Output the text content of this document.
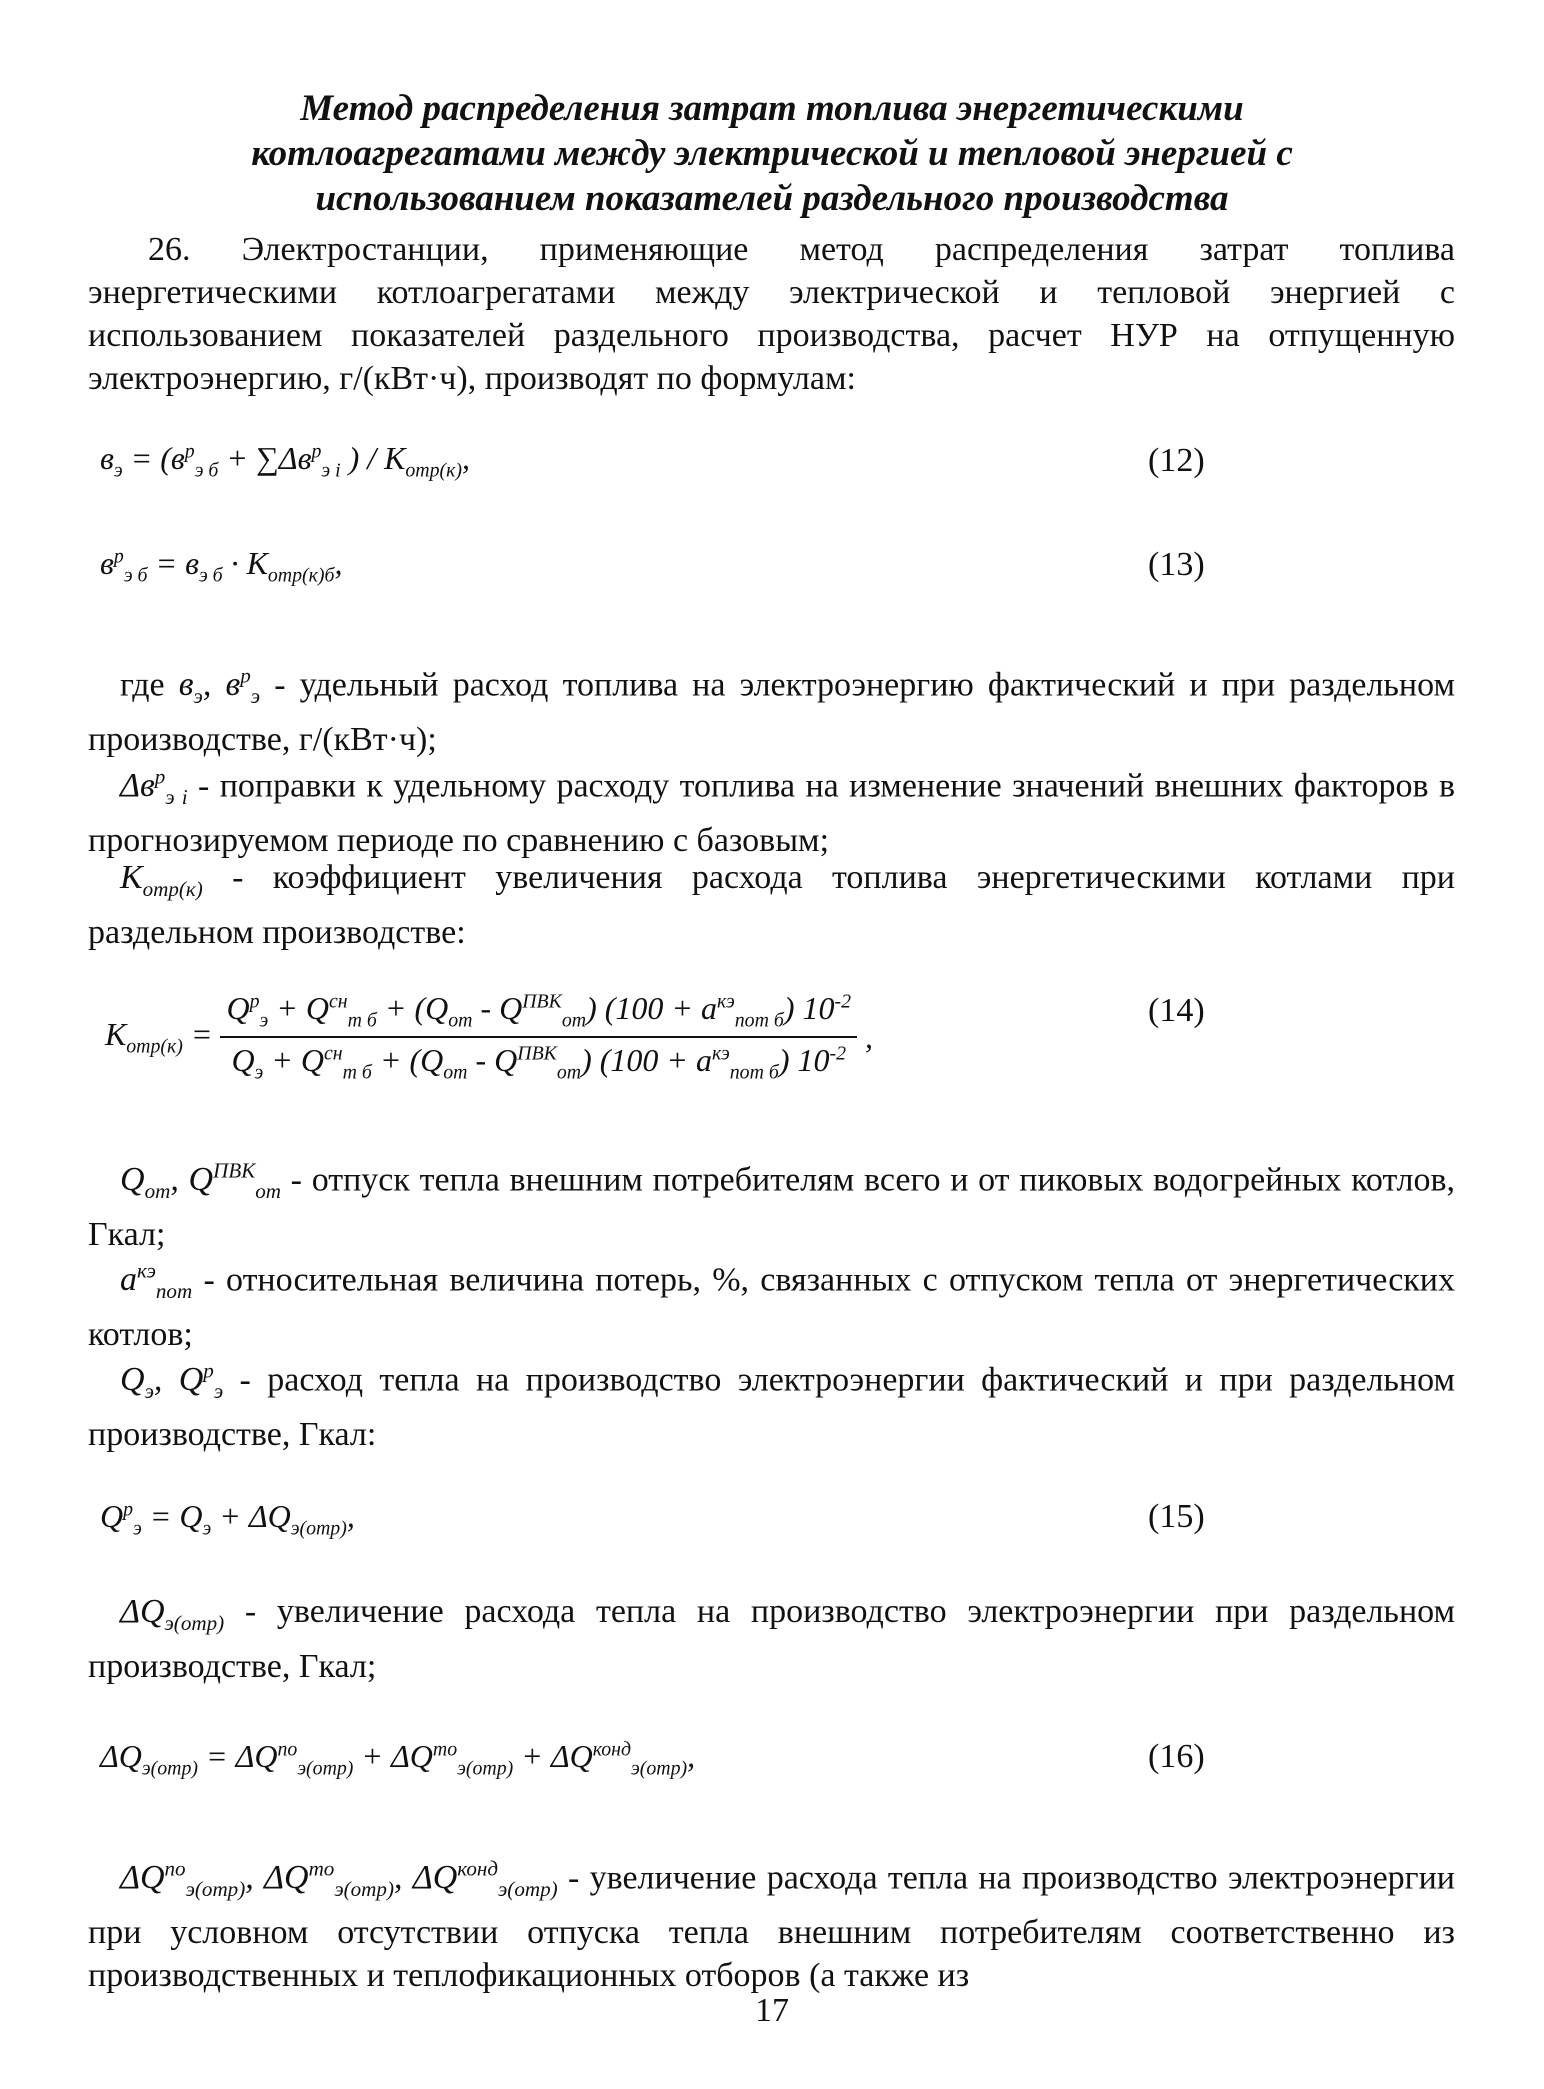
Метод распределения затрат топлива энергетическими
котлоагрегатами между электрической и тепловой энергией с
использованием показателей раздельного производства
26. Электростанции, применяющие метод распределения затрат топлива энергетическими котлоагрегатами между электрической и тепловой энергией с использованием показателей раздельного производства, расчет НУР на отпущенную электроэнергию, г/(кВт·ч), производят по формулам:
$в_э = (в^р_{э б} + \sum\Delta в^р_{э i}$ ) / $К_{отр(к)}$,	(12)
$в^р_{э б} = в_{э б} \cdot К_{отр(к)б}$,	(13)
где $в_э$, $в^р_э$ - удельный расход топлива на электроэнергию фактический и при раздельном производстве, г/(кВт·ч);
$\Delta в^р_{э i}$ - поправки к удельному расходу топлива на изменение значений внешних факторов в прогнозируемом периоде по сравнению с базовым;
$К_{отр(к)}$ - коэффициент увеличения расхода топлива энергетическими котлами при раздельном производстве:
$К_{отр(к)} = \frac{Q^р_э + Q^{сн}_{т б} + (Q_{от} - Q^{ПВК}_{от}) (100 + a^{кэ}_{пот б}) 10^{-2}}{Q_э + Q^{сн}_{т б} + (Q_{от} - Q^{ПВК}_{от}) (100 + a^{кэ}_{пот б}) 10^{-2}}$ ,
(14)
$Q_{от}$, $Q^{ПВК}_{от}$ - отпуск тепла внешним потребителям всего и от пиковых водогрейных котлов, Гкал;
$a^{кэ}_{пот}$ - относительная величина потерь, %, связанных с отпуском тепла от энергетических котлов;
$Q_э$, $Q^р_э$ - расход тепла на производство электроэнергии фактический и при раздельном производстве, Гкал:
$Q^р_э = Q_э + \Delta Q_{э(отр)}$,	(15)
$\Delta Q_{э(отр)}$ - увеличение расхода тепла на производство электроэнергии при раздельном производстве, Гкал;
$\Delta Q_{э(отр)} = \Delta Q^{по}_{э(отр)} + \Delta Q^{то}_{э(отр)} + \Delta Q^{конд}_{э(отр)}$,	(16)
$\Delta Q^{по}_{э(отр)}$, $\Delta Q^{то}_{э(отр)}$, $\Delta Q^{конд}_{э(отр)}$ - увеличение расхода тепла на производство электроэнергии при условном отсутствии отпуска тепла внешним потребителям соответственно из производственных и теплофикационных отборов (а также из
17
